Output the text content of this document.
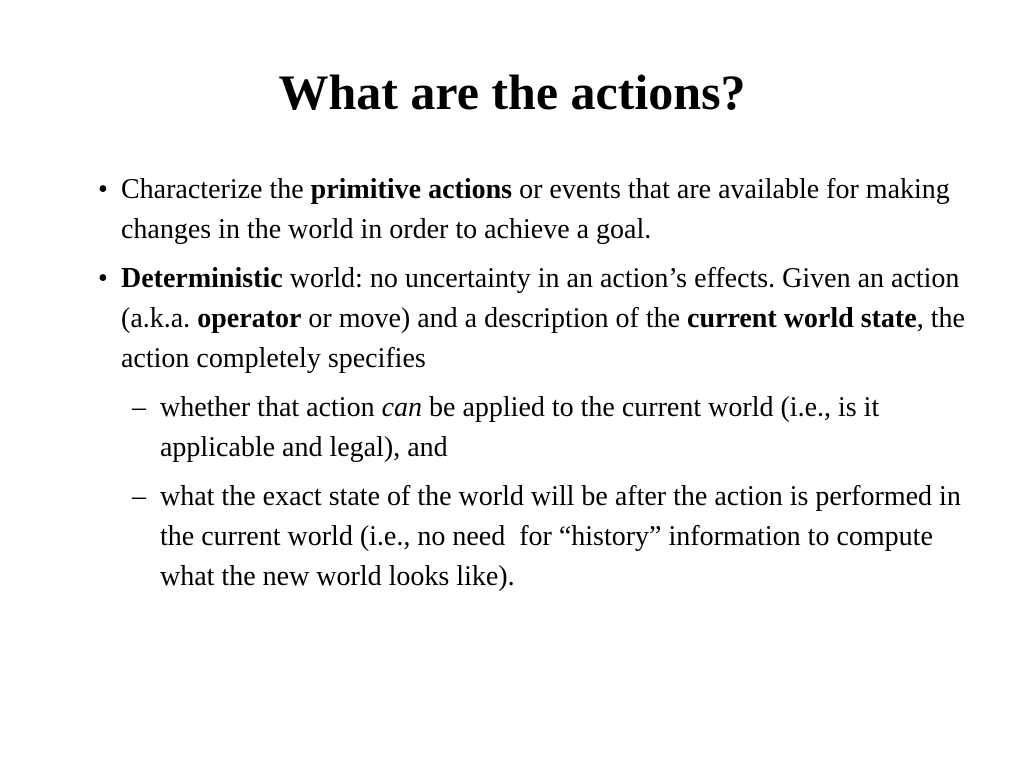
What are the actions?
• Characterize the primitive actions or events that are available for making changes in the world in order to achieve a goal.
• Deterministic world: no uncertainty in an action’s effects. Given an action (a.k.a. operator or move) and a description of the current world state, the action completely specifies
– whether that action can be applied to the current world (i.e., is it applicable and legal), and
– what the exact state of the world will be after the action is performed in the current world (i.e., no need  for “history” information to compute what the new world looks like).
